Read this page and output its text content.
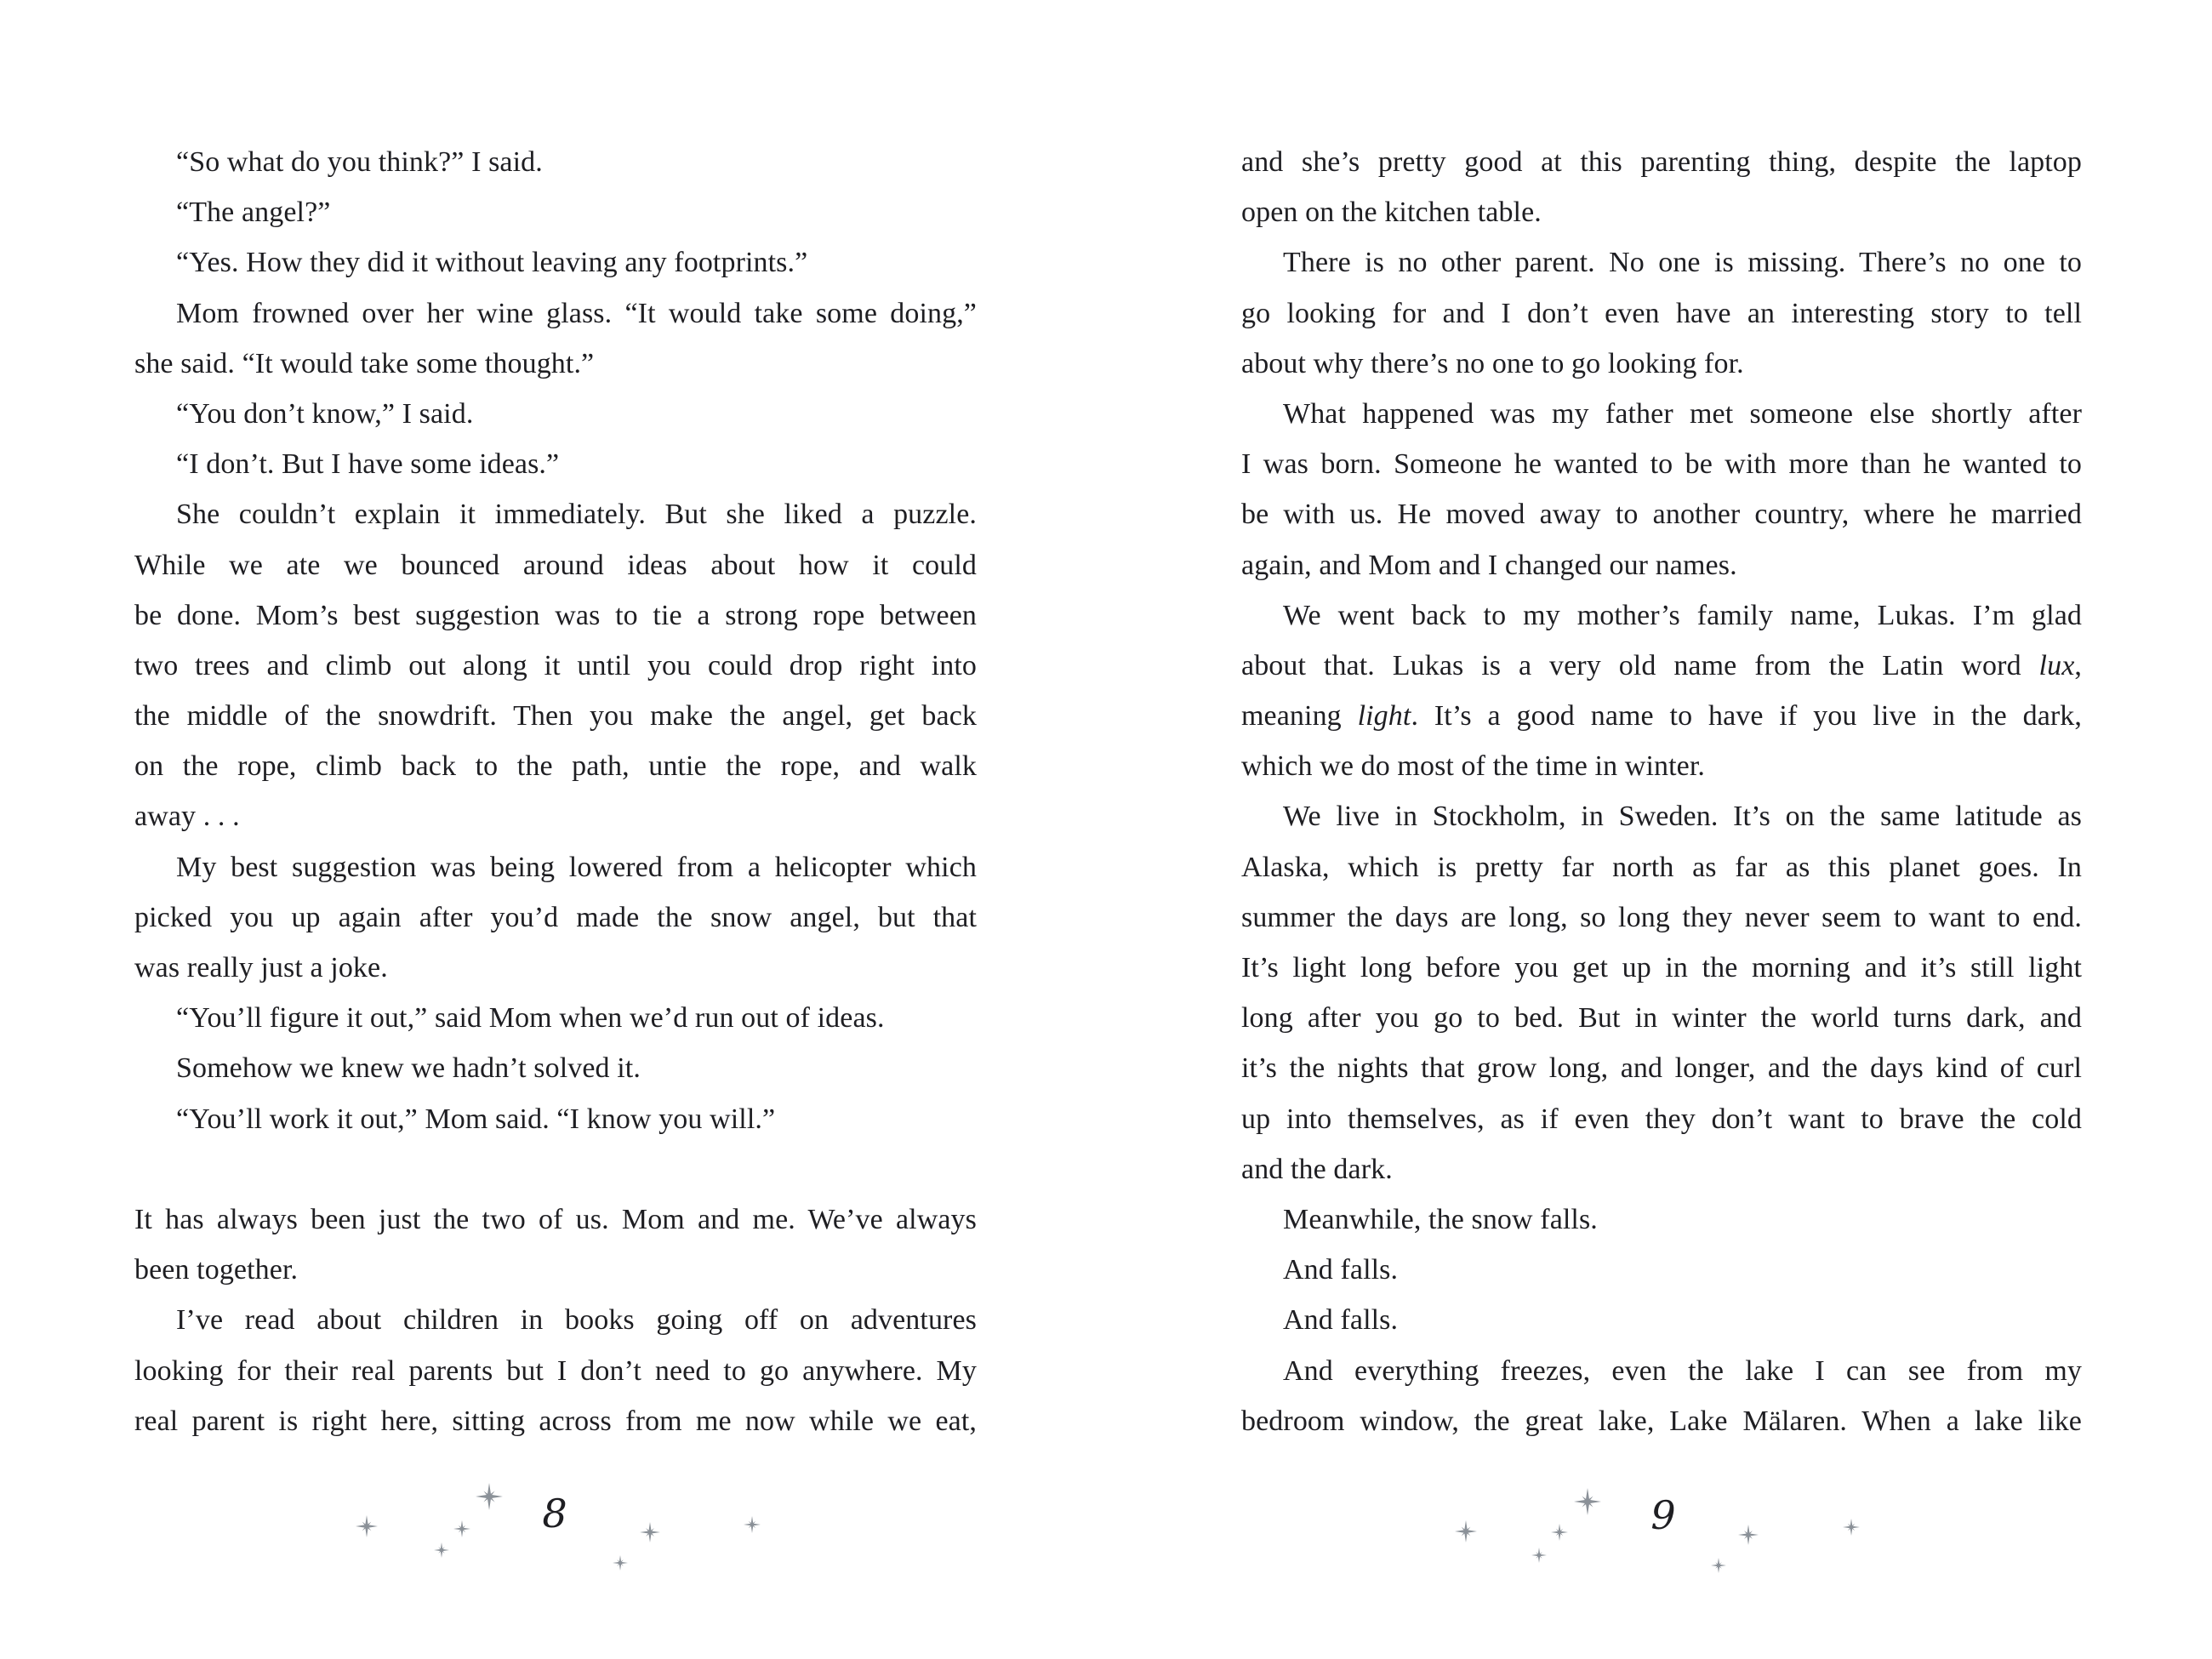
“So what do you think?” I said.
“The angel?”
“Yes. How they did it without leaving any footprints.”
Mom frowned over her wine glass. “It would take some doing,”
she said. “It would take some thought.”
“You don’t know,” I said.
“I don’t. But I have some ideas.”
She couldn’t explain it immediately. But she liked a puzzle.
While we ate we bounced around ideas about how it could
be done. Mom’s best suggestion was to tie a strong rope between
two trees and climb out along it until you could drop right into
the middle of the snowdrift. Then you make the angel, get back
on the rope, climb back to the path, untie the rope, and walk
away . . .
My best suggestion was being lowered from a helicopter which
picked you up again after you’d made the snow angel, but that
was really just a joke.
“You’ll figure it out,” said Mom when we’d run out of ideas.
Somehow we knew we hadn’t solved it.
“You’ll work it out,” Mom said. “I know you will.”

It has always been just the two of us. Mom and me. We’ve always
been together.
I’ve read about children in books going off on adventures
looking for their real parents but I don’t need to go anywhere. My
real parent is right here, sitting across from me now while we eat,
and she’s pretty good at this parenting thing, despite the laptop
open on the kitchen table.
There is no other parent. No one is missing. There’s no one to
go looking for and I don’t even have an interesting story to tell
about why there’s no one to go looking for.
What happened was my father met someone else shortly after
I was born. Someone he wanted to be with more than he wanted to
be with us. He moved away to another country, where he married
again, and Mom and I changed our names.
We went back to my mother’s family name, Lukas. I’m glad
about that. Lukas is a very old name from the Latin word lux,
meaning light. It’s a good name to have if you live in the dark,
which we do most of the time in winter.
We live in Stockholm, in Sweden. It’s on the same latitude as
Alaska, which is pretty far north as far as this planet goes. In
summer the days are long, so long they never seem to want to end.
It’s light long before you get up in the morning and it’s still light
long after you go to bed. But in winter the world turns dark, and
it’s the nights that grow long, and longer, and the days kind of curl
up into themselves, as if even they don’t want to brave the cold
and the dark.
Meanwhile, the snow falls.
And falls.
And falls.
And everything freezes, even the lake I can see from my
bedroom window, the great lake, Lake Mälaren. When a lake like
8	9
